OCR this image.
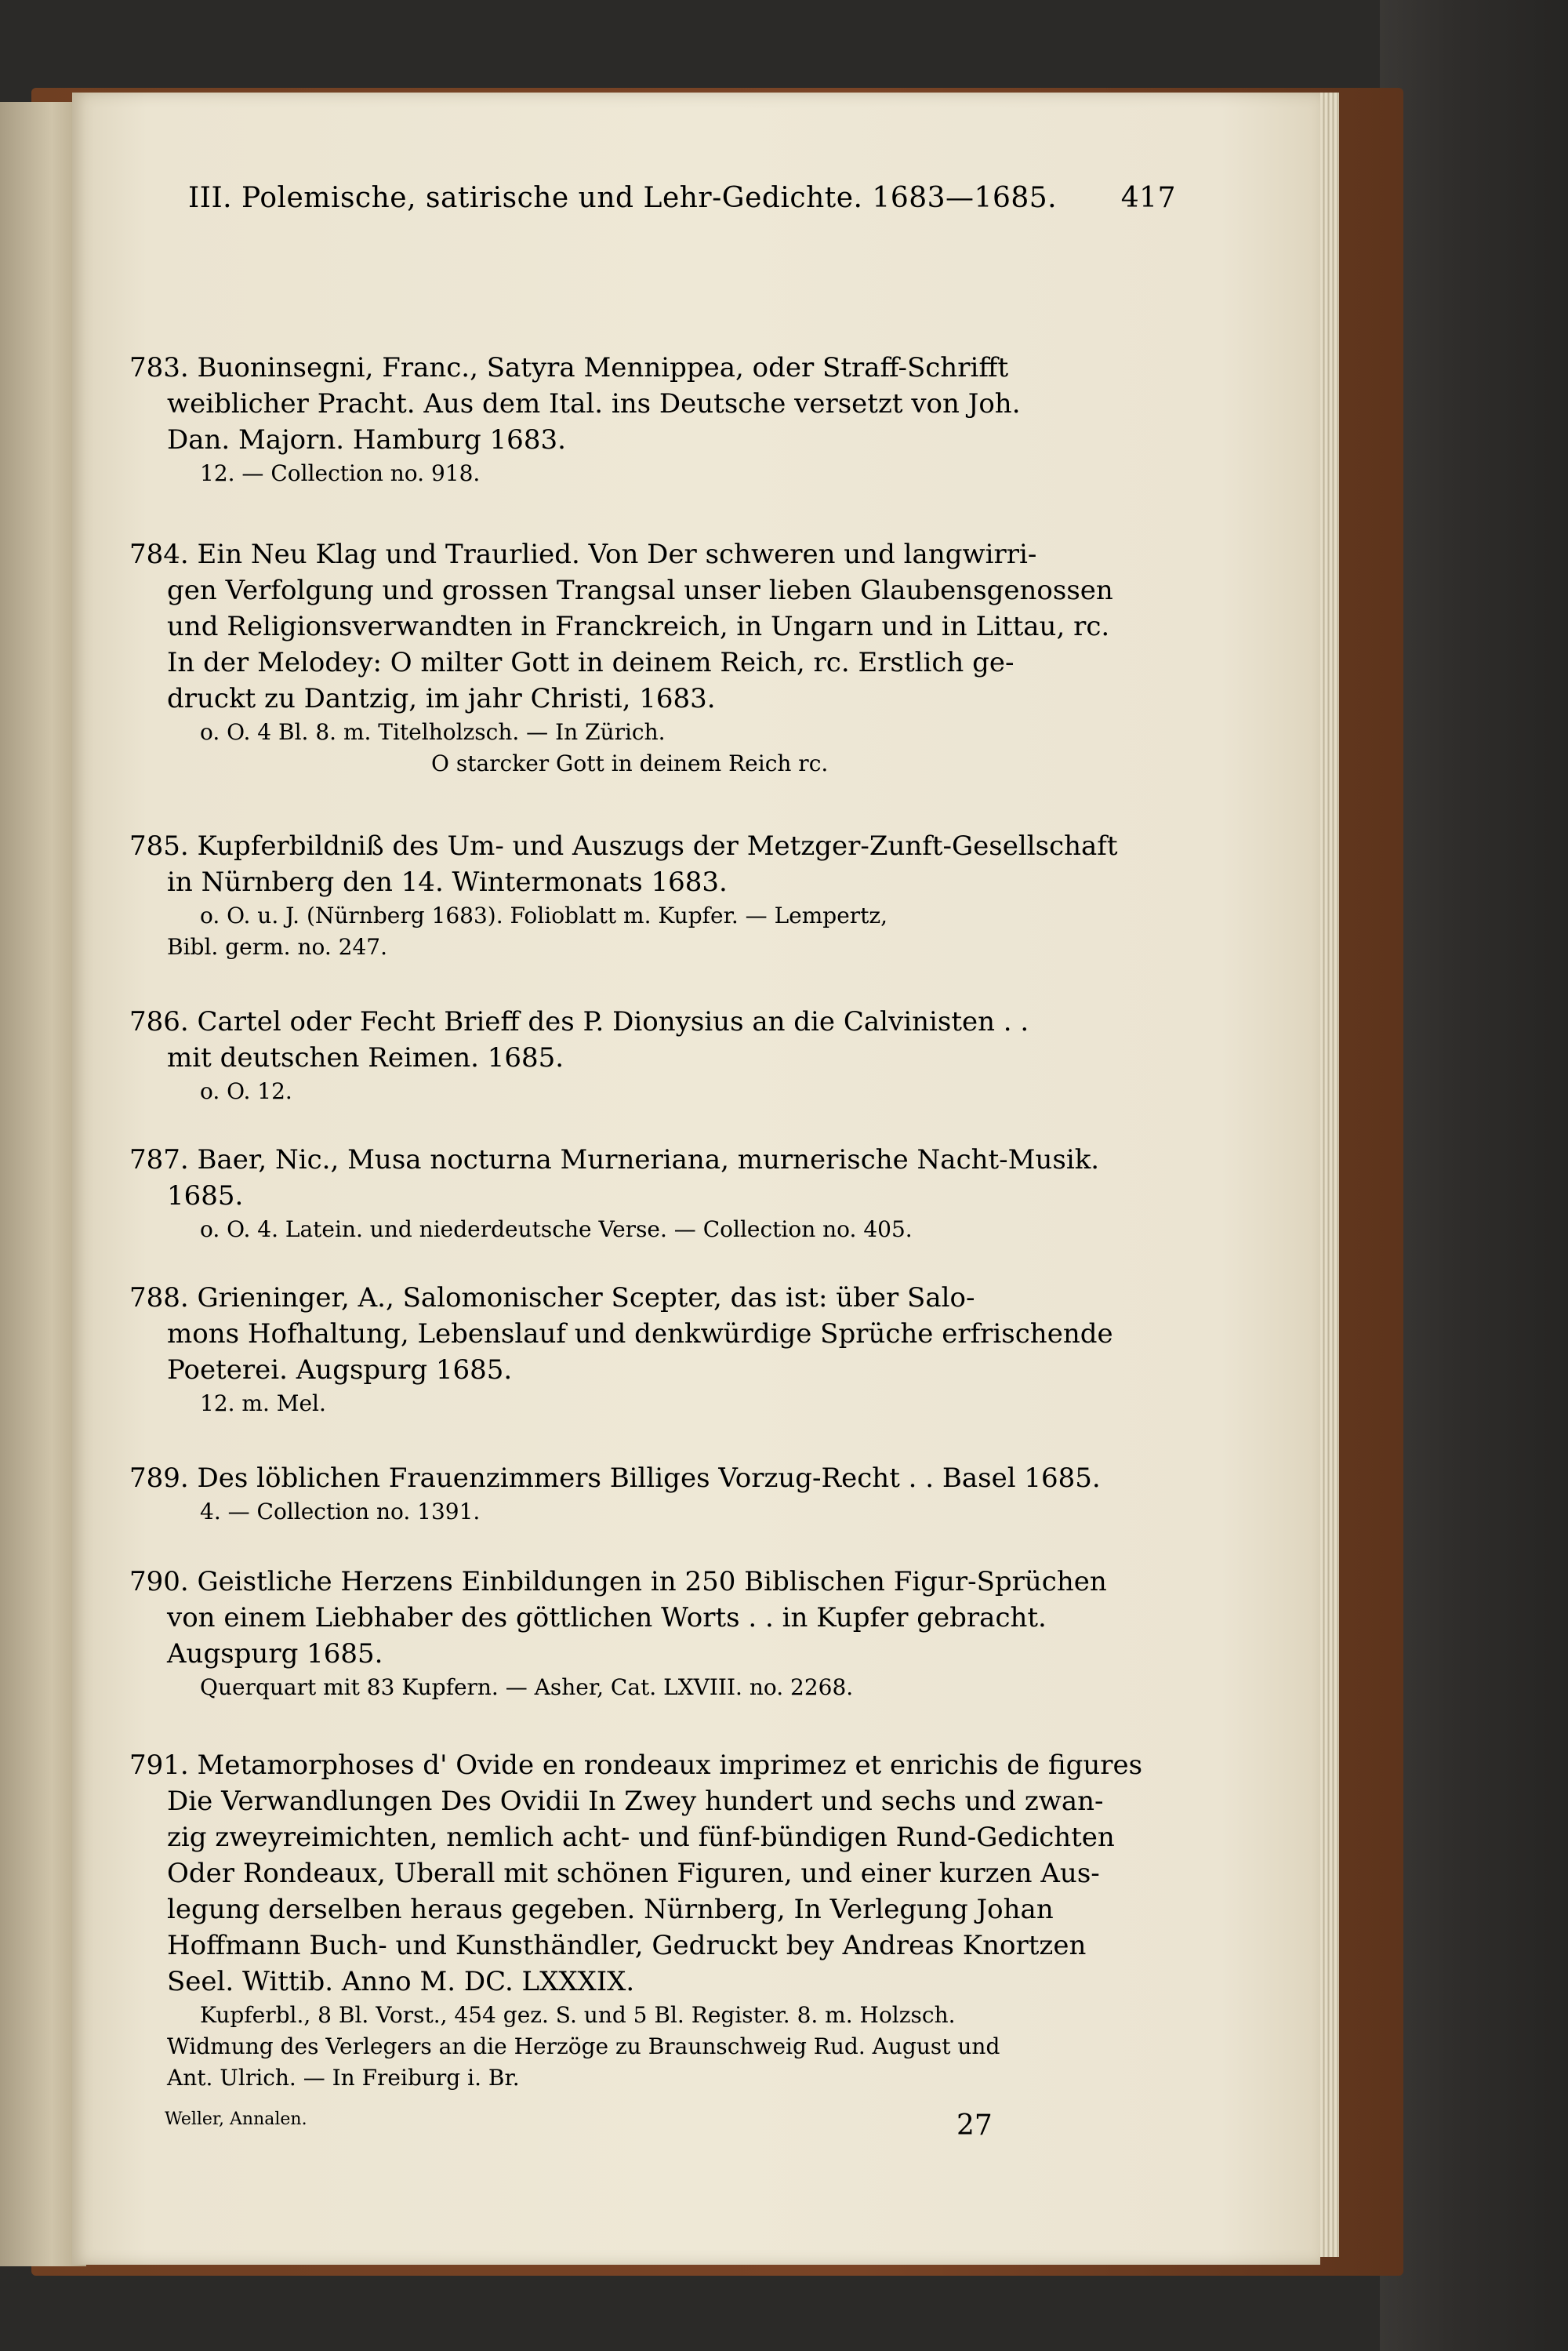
III. Polemische, satirische und Lehr-Gedichte. 1683—1685. 417
783. Buoninsegni, Franc., Satyra Mennippea, oder Straff-Schrifft
weiblicher Pracht. Aus dem Ital. ins Deutsche versetzt von Joh.
Dan. Majorn. Hamburg 1683.
12. — Collection no. 918.
784. Ein Neu Klag und Traurlied. Von Der schweren und langwirri-
gen Verfolgung und grossen Trangsal unser lieben Glaubensgenossen
und Religionsverwandten in Franckreich, in Ungarn und in Littau, rc.
In der Melodey: O milter Gott in deinem Reich, rc. Erstlich ge-
druckt zu Dantzig, im jahr Christi, 1683.
o. O. 4 Bl. 8. m. Titelholzsch. — In Zürich.
O starcker Gott in deinem Reich rc.
785. Kupferbildniß des Um- und Auszugs der Metzger-Zunft-Gesellschaft
in Nürnberg den 14. Wintermonats 1683.
o. O. u. J. (Nürnberg 1683). Folioblatt m. Kupfer. — Lempertz,
Bibl. germ. no. 247.
786. Cartel oder Fecht Brieff des P. Dionysius an die Calvinisten . .
mit deutschen Reimen. 1685.
o. O. 12.
787. Baer, Nic., Musa nocturna Murneriana, murnerische Nacht-Musik.
1685.
o. O. 4. Latein. und niederdeutsche Verse. — Collection no. 405.
788. Grieninger, A., Salomonischer Scepter, das ist: über Salo-
mons Hofhaltung, Lebenslauf und denkwürdige Sprüche erfrischende
Poeterei. Augspurg 1685.
12. m. Mel.
789. Des löblichen Frauenzimmers Billiges Vorzug-Recht . . Basel 1685.
4. — Collection no. 1391.
790. Geistliche Herzens Einbildungen in 250 Biblischen Figur-Sprüchen
von einem Liebhaber des göttlichen Worts . . in Kupfer gebracht.
Augspurg 1685.
Querquart mit 83 Kupfern. — Asher, Cat. LXVIII. no. 2268.
791. Metamorphoses d' Ovide en rondeaux imprimez et enrichis de figures
Die Verwandlungen Des Ovidii In Zwey hundert und sechs und zwan-
zig zweyreimichten, nemlich acht- und fünf-bündigen Rund-Gedichten
Oder Rondeaux, Uberall mit schönen Figuren, und einer kurzen Aus-
legung derselben heraus gegeben. Nürnberg, In Verlegung Johan
Hoffmann Buch- und Kunsthändler, Gedruckt bey Andreas Knortzen
Seel. Wittib. Anno M. DC. LXXXIX.
Kupferbl., 8 Bl. Vorst., 454 gez. S. und 5 Bl. Register. 8. m. Holzsch.
Widmung des Verlegers an die Herzöge zu Braunschweig Rud. August und
Ant. Ulrich. — In Freiburg i. Br.
Weller, Annalen.	27
